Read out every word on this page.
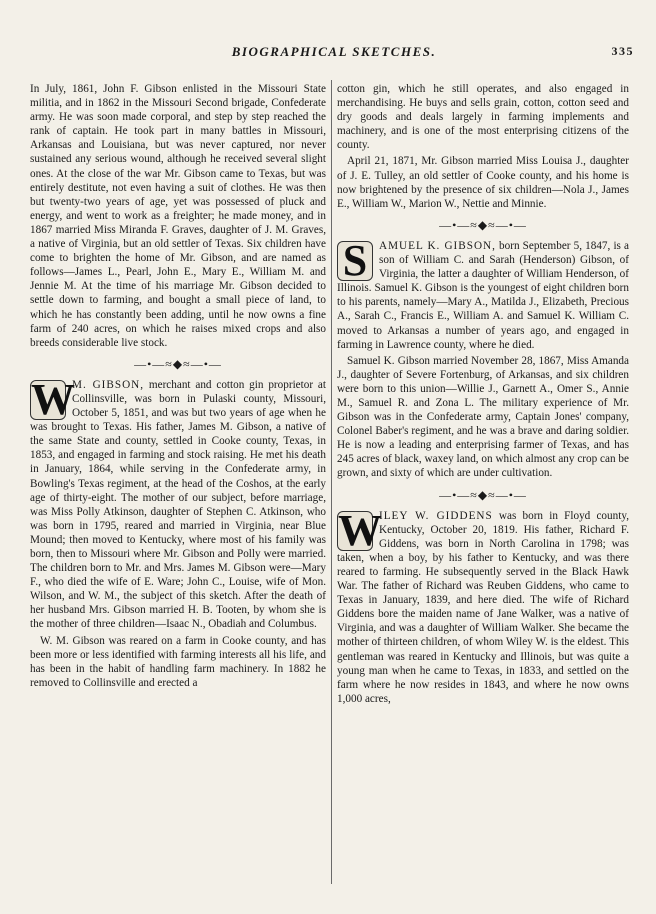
BIOGRAPHICAL SKETCHES.	335

In July, 1861, John F. Gibson enlisted in the Missouri State militia, and in 1862 in the Missouri Second brigade, Confederate army. He was soon made corporal, and step by step reached the rank of captain. He took part in many battles in Missouri, Arkansas and Louisiana, but was never captured, nor never sustained any serious wound, although he received several slight ones. At the close of the war Mr. Gibson came to Texas, but was entirely destitute, not even having a suit of clothes. He was then but twenty-two years of age, yet was possessed of pluck and energy, and went to work as a freighter; he made money, and in 1867 married Miss Miranda F. Graves, daughter of J. M. Graves, a native of Virginia, but an old settler of Texas. Six children have come to brighten the home of Mr. Gibson, and are named as follows—James L., Pearl, John E., Mary E., William M. and Jennie M. At the time of his marriage Mr. Gibson decided to settle down to farming, and bought a small piece of land, to which he has constantly been adding, until he now owns a fine farm of 240 acres, on which he raises mixed crops and also breeds considerable live stock.

—•—≈◆≈—•—
W

M. GIBSON, merchant and cotton gin proprietor at Collinsville, was born in Pulaski county, Missouri, October 5, 1851, and was but two years of age when he was brought to Texas. His father, James M. Gibson, a native of the same State and county, settled in Cooke county, Texas, in 1853, and engaged in farming and stock raising. He met his death in January, 1864, while serving in the Confederate army, in Bowling's Texas regiment, at the head of the Coshos, at the early age of thirty-eight. The mother of our subject, before marriage, was Miss Polly Atkinson, daughter of Stephen C. Atkinson, who was born in 1795, reared and married in Virginia, near Blue Mound; then moved to Kentucky, where most of his family was born, then to Missouri where Mr. Gibson and Polly were married. The children born to Mr. and Mrs. James M. Gibson were—Mary F., who died the wife of E. Ware; John C., Louise, wife of Mon. Wilson, and W. M., the subject of this sketch. After the death of her husband Mrs. Gibson married H. B. Tooten, by whom she is the mother of three children—Isaac N., Obadiah and Columbus.

W. M. Gibson was reared on a farm in Cooke county, and has been more or less identified with farming interests all his life, and has been in the habit of handling farm machinery. In 1882 he removed to Collinsville and erected a

cotton gin, which he still operates, and also engaged in merchandising. He buys and sells grain, cotton, cotton seed and dry goods and deals largely in farming implements and machinery, and is one of the most enterprising citizens of the county.

April 21, 1871, Mr. Gibson married Miss Louisa J., daughter of J. E. Tulley, an old settler of Cooke county, and his home is now brightened by the presence of six children—Nola J., James E., William W., Marion W., Nettie and Minnie.

—•—≈◆≈—•—
S	AMUEL K. GIBSON, born September 5, 1847, is a son of William C. and Sarah (Henderson) Gibson, of Virginia, the latter a daughter of William Henderson, of Illinois. Samuel K. Gibson is the youngest of eight children born to his parents, namely—Mary A., Matilda J., Elizabeth, Precious A., Sarah C., Francis E., William A. and Samuel K. William C. moved to Arkansas a number of years ago, and engaged in farming in Lawrence county, where he died.

Samuel K. Gibson married November 28, 1867, Miss Amanda J., daughter of Severe Fortenburg, of Arkansas, and six children were born to this union—Willie J., Garnett A., Omer S., Annie M., Samuel R. and Zona L. The military experience of Mr. Gibson was in the Confederate army, Captain Jones' company, Colonel Baber's regiment, and he was a brave and daring soldier. He is now a leading and enterprising farmer of Texas, and has 245 acres of black, waxey land, on which almost any crop can be grown, and sixty of which are under cultivation.

—•—≈◆≈—•—
W

ILEY W. GIDDENS was born in Floyd county, Kentucky, October 20, 1819. His father, Richard F. Giddens, was born in North Carolina in 1798; was taken, when a boy, by his father to Kentucky, and was there reared to farming. He subsequently served in the Black Hawk War. The father of Richard was Reuben Giddens, who came to Texas in January, 1839, and here died. The wife of Richard Giddens bore the maiden name of Jane Walker, was a native of Virginia, and was a daughter of William Walker. She became the mother of thirteen children, of whom Wiley W. is the eldest. This gentleman was reared in Kentucky and Illinois, but was quite a young man when he came to Texas, in 1833, and settled on the farm where he now resides in 1843, and where he now owns 1,000 acres,
